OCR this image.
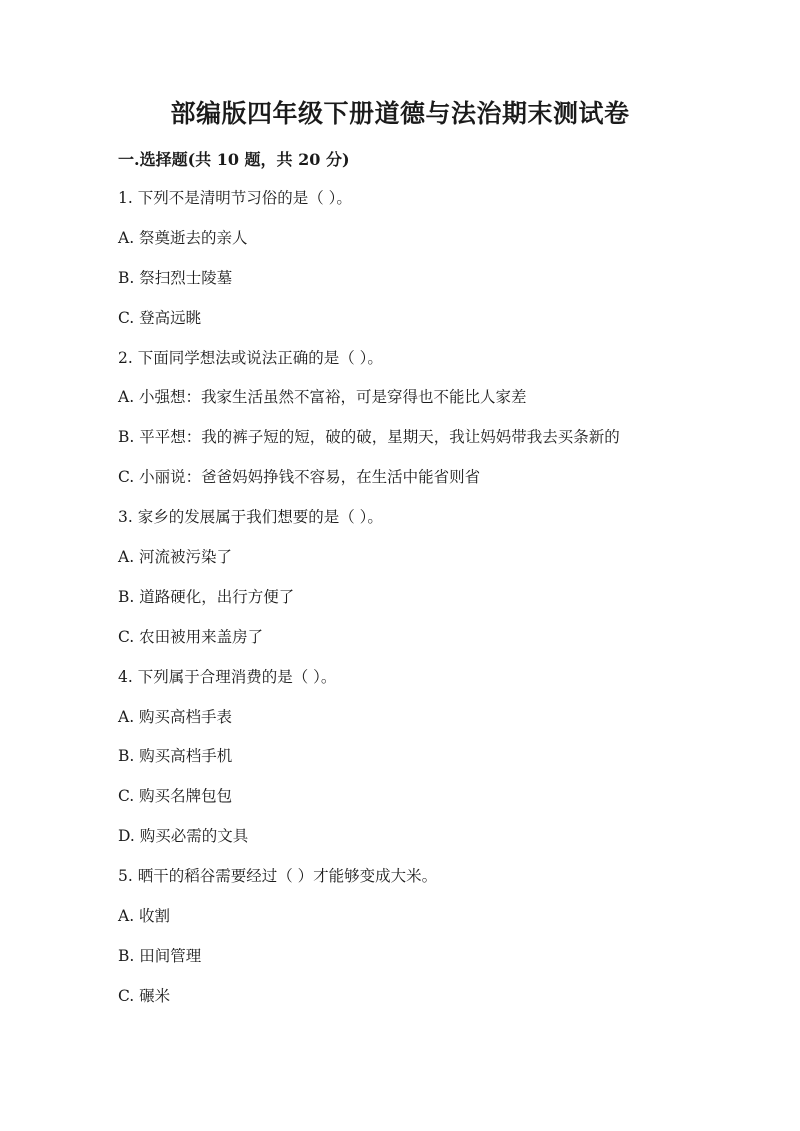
部编版四年级下册道德与法治期末测试卷
一.选择题(共 10 题，共 20 分)
1. 下列不是清明节习俗的是（ ）。
A. 祭奠逝去的亲人
B. 祭扫烈士陵墓
C. 登高远眺
2. 下面同学想法或说法正确的是（ ）。
A. 小强想：我家生活虽然不富裕，可是穿得也不能比人家差
B. 平平想：我的裤子短的短，破的破，星期天，我让妈妈带我去买条新的
C. 小丽说：爸爸妈妈挣钱不容易，在生活中能省则省
3. 家乡的发展属于我们想要的是（ ）。
A. 河流被污染了
B. 道路硬化，出行方便了
C. 农田被用来盖房了
4. 下列属于合理消费的是（ ）。
A. 购买高档手表
B. 购买高档手机
C. 购买名牌包包
D. 购买必需的文具
5. 晒干的稻谷需要经过（ ）才能够变成大米。
A. 收割
B. 田间管理
C. 碾米
